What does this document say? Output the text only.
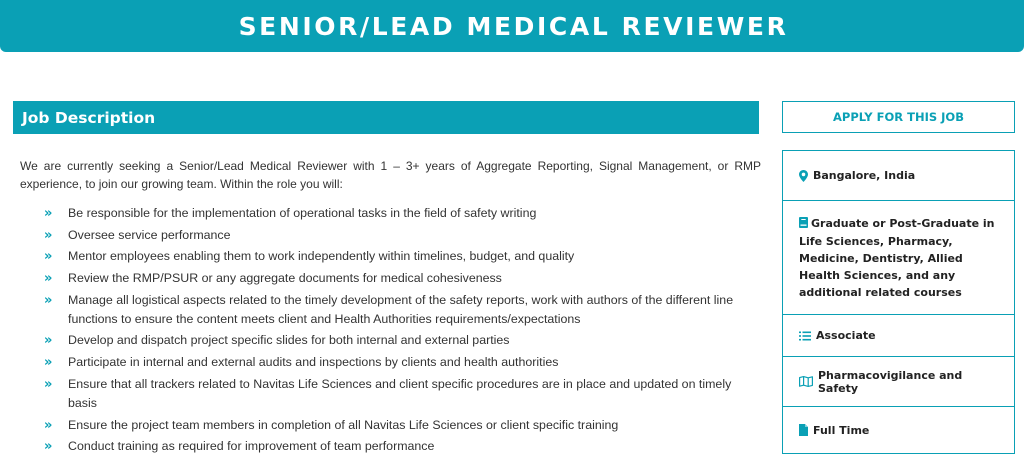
SENIOR/LEAD MEDICAL REVIEWER
Job Description

We are currently seeking a Senior/Lead Medical Reviewer with 1 – 3+ years of Aggregate Reporting, Signal Management, or RMP experience, to join our growing team. Within the role you will:

» Be responsible for the implementation of operational tasks in the field of safety writing
» Oversee service performance
» Mentor employees enabling them to work independently within timelines, budget, and quality
» Review the RMP/PSUR or any aggregate documents for medical cohesiveness
» Manage all logistical aspects related to the timely development of the safety reports, work with authors of the different line functions to ensure the content meets client and Health Authorities requirements/expectations
» Develop and dispatch project specific slides for both internal and external parties
» Participate in internal and external audits and inspections by clients and health authorities
» Ensure that all trackers related to Navitas Life Sciences and client specific procedures are in place and updated on timely basis
» Ensure the project team members in completion of all Navitas Life Sciences or client specific training
» Conduct training as required for improvement of team performance
APPLY FOR THIS JOB
Bangalore, India
Graduate or Post-Graduate in Life Sciences, Pharmacy, Medicine, Dentistry, Allied Health Sciences, and any additional related courses
Associate
Pharmacovigilance and Safety
Full Time
